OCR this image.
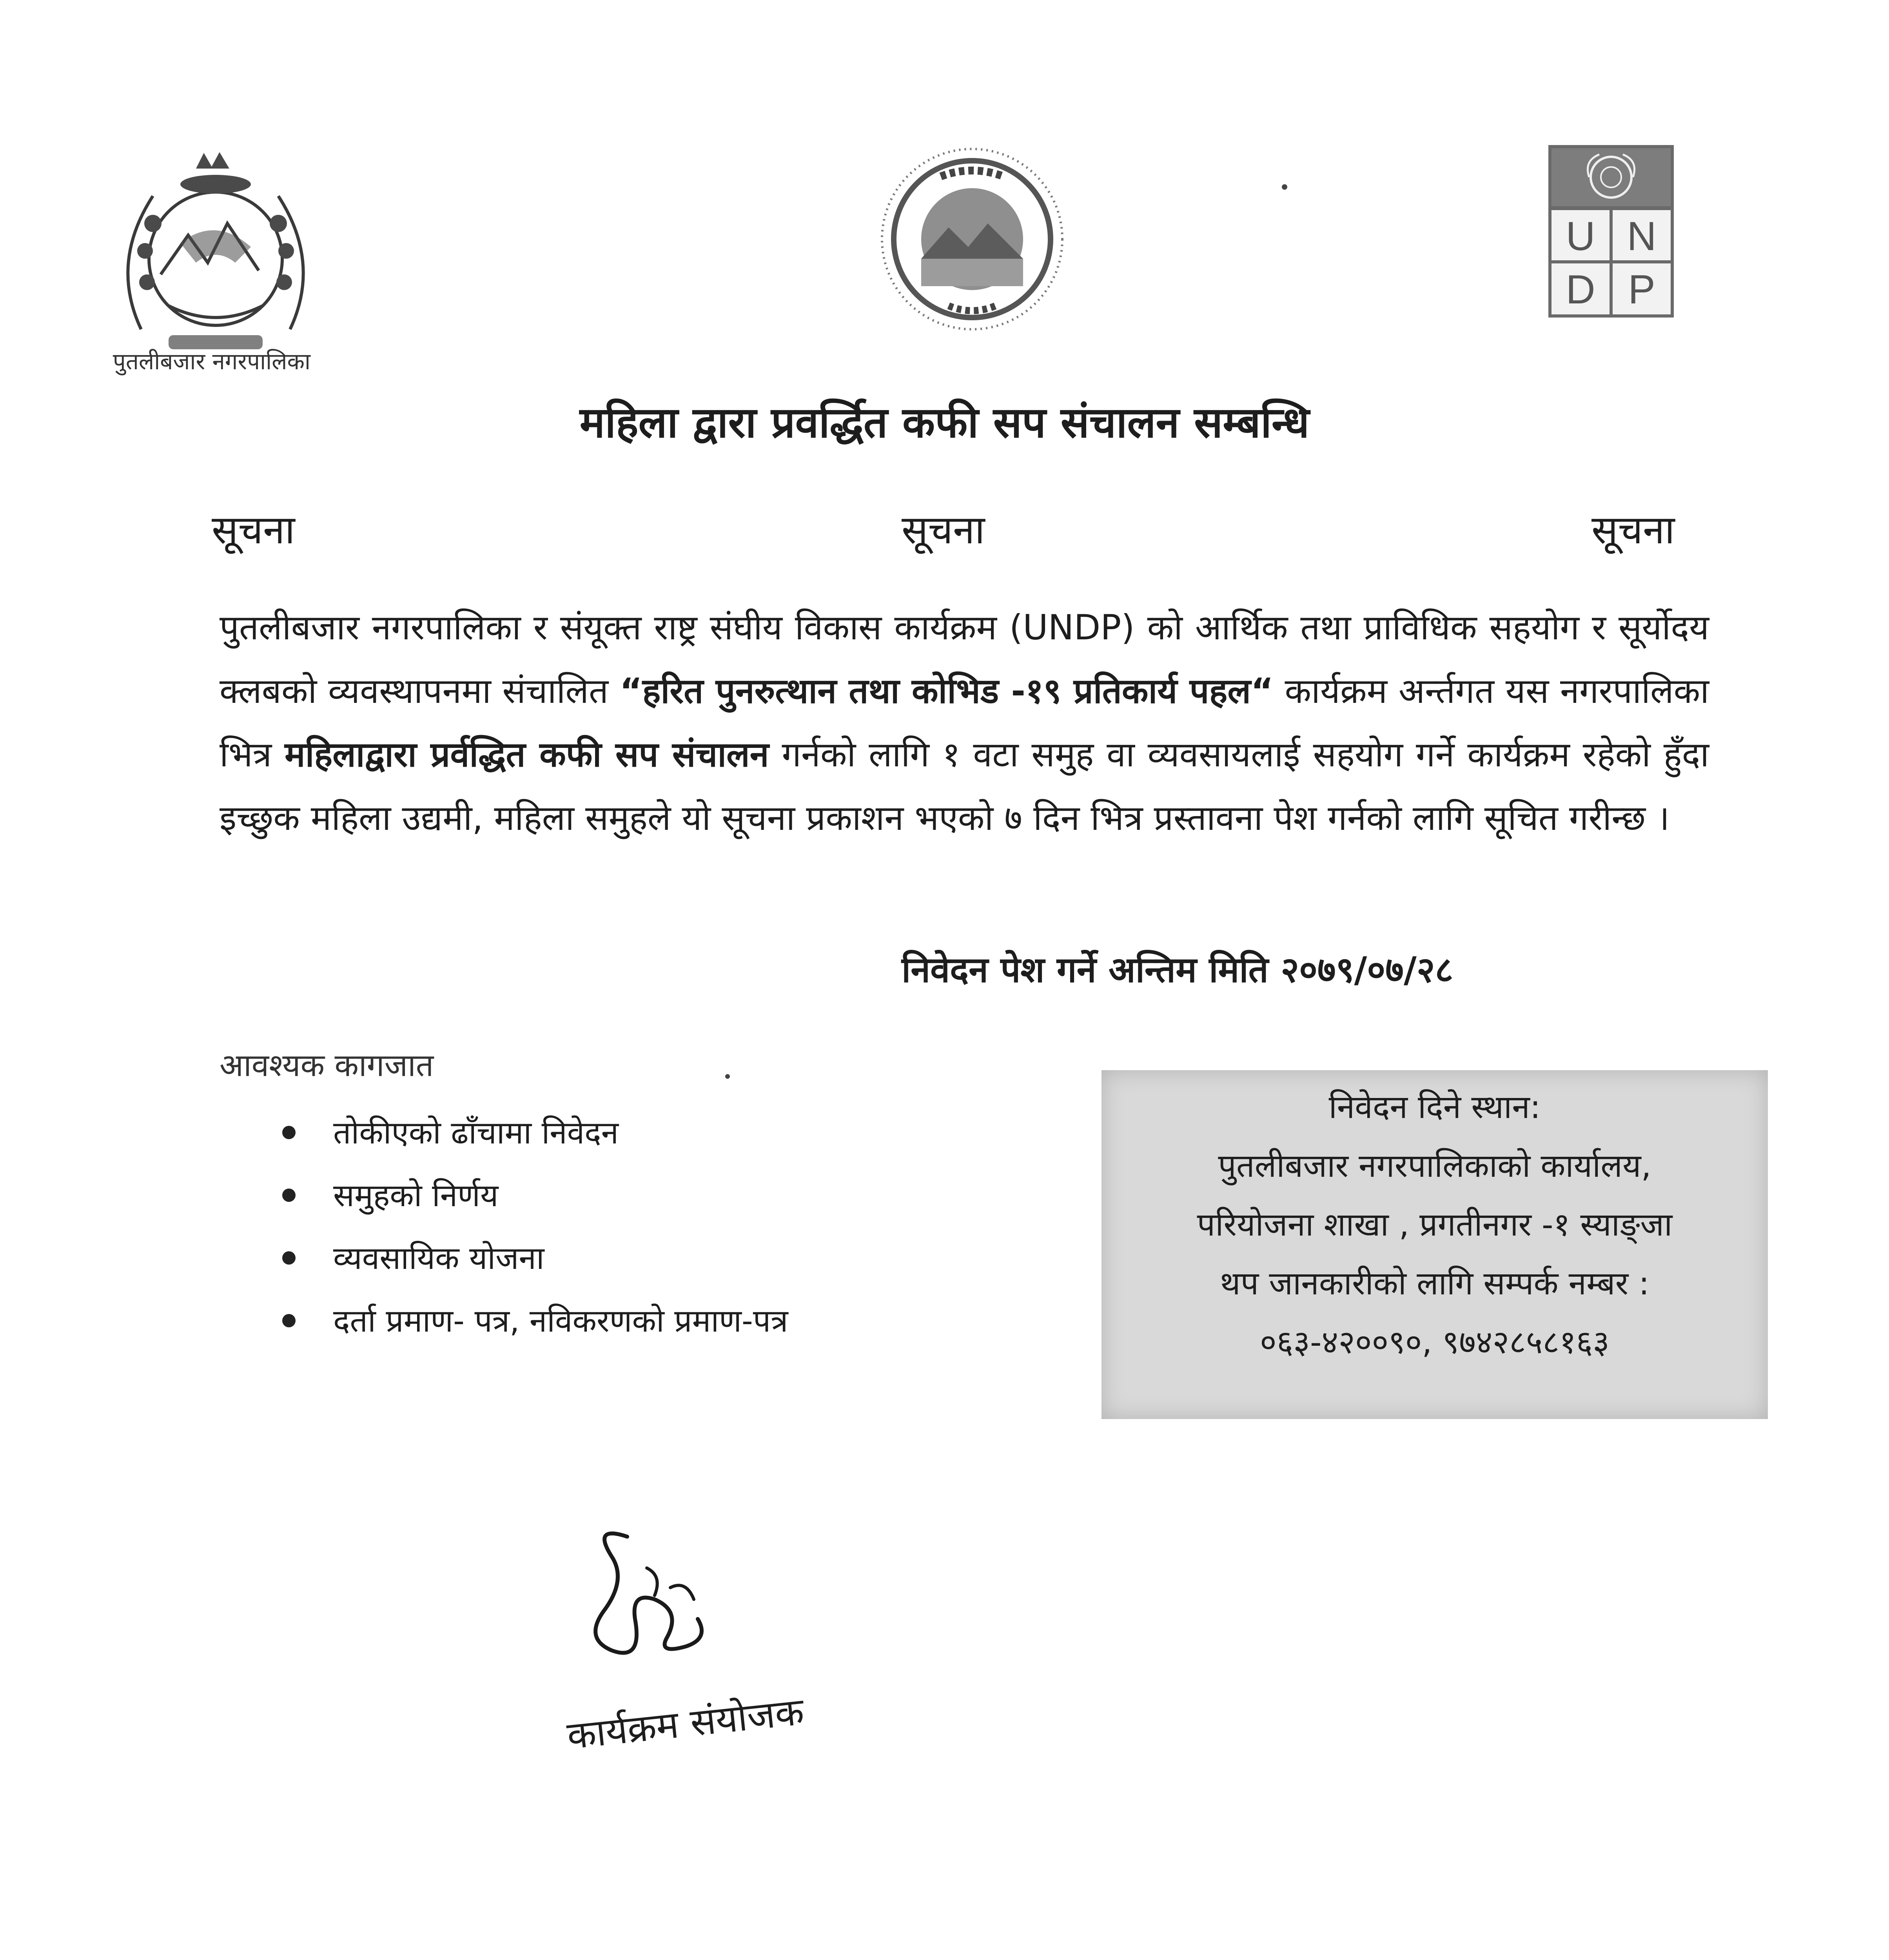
पुतलीबजार नगरपालिका
U N
D P
महिला द्वारा प्रवर्द्धित कफी सप संचालन सम्बन्धि
सूचना	सूचना	सूचना
पुतलीबजार नगरपालिका र संयूक्त राष्ट्र संघीय विकास कार्यक्रम (UNDP) को आर्थिक तथा प्राविधिक सहयोग र सूर्योदय क्लबको व्यवस्थापनमा संचालित “हरित पुनरुत्थान तथा कोभिड -१९ प्रतिकार्य पहल“ कार्यक्रम अर्न्तगत यस नगरपालिका भित्र महिलाद्वारा प्रर्वद्धित कफी सप संचालन गर्नको लागि १ वटा समुह वा व्यवसायलाई सहयोग गर्ने कार्यक्रम रहेको हुँदा इच्छुक महिला उद्यमी, महिला समुहले यो सूचना प्रकाशन भएको ७ दिन भित्र प्रस्तावना पेश गर्नको लागि सूचित गरीन्छ ।
निवेदन पेश गर्ने अन्तिम मिति २०७९/०७/२८
आवश्यक कागजात
तोकीएको ढाँचामा निवेदन
समुहको निर्णय
व्यवसायिक योजना
दर्ता प्रमाण- पत्र, नविकरणको प्रमाण-पत्र
निवेदन दिने स्थान:
पुतलीबजार नगरपालिकाको कार्यालय,
परियोजना शाखा , प्रगतीनगर -१ स्याङ्जा
थप जानकारीको लागि सम्पर्क नम्बर :
०६३-४२००९०, ९७४२८५८१६३
कार्यक्रम संयोजक
